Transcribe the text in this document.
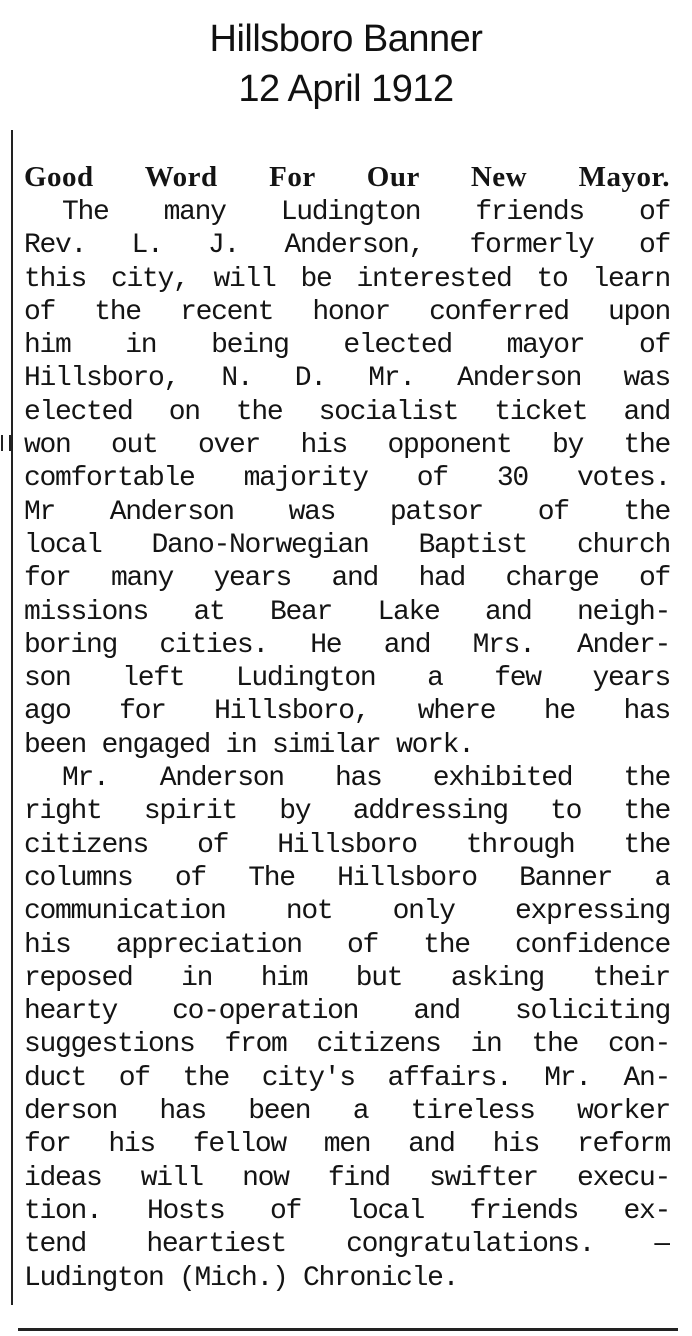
Hillsboro Banner
12 April 1912
Good Word For Our New Mayor.
The many Ludington friends of
Rev. L. J. Anderson, formerly of
this city, will be interested to learn
of the recent honor conferred upon
him in being elected mayor of
Hillsboro, N. D. Mr. Anderson was
elected on the socialist ticket and
won out over his opponent by the
comfortable majority of 30 votes.
Mr Anderson was patsor of the
local Dano-Norwegian Baptist church
for many years and had charge of
missions at Bear Lake and neigh-
boring cities. He and Mrs. Ander-
son left Ludington a few years
ago for Hillsboro, where he has
been engaged in similar work.
Mr. Anderson has exhibited the
right spirit by addressing to the
citizens of Hillsboro through the
columns of The Hillsboro Banner a
communication not only expressing
his appreciation of the confidence
reposed in him but asking their
hearty co-operation and soliciting
suggestions from citizens in the con-
duct of the city's affairs. Mr. An-
derson has been a tireless worker
for his fellow men and his reform
ideas will now find swifter execu-
tion. Hosts of local friends ex-
tend heartiest congratulations. —
Ludington (Mich.) Chronicle.
